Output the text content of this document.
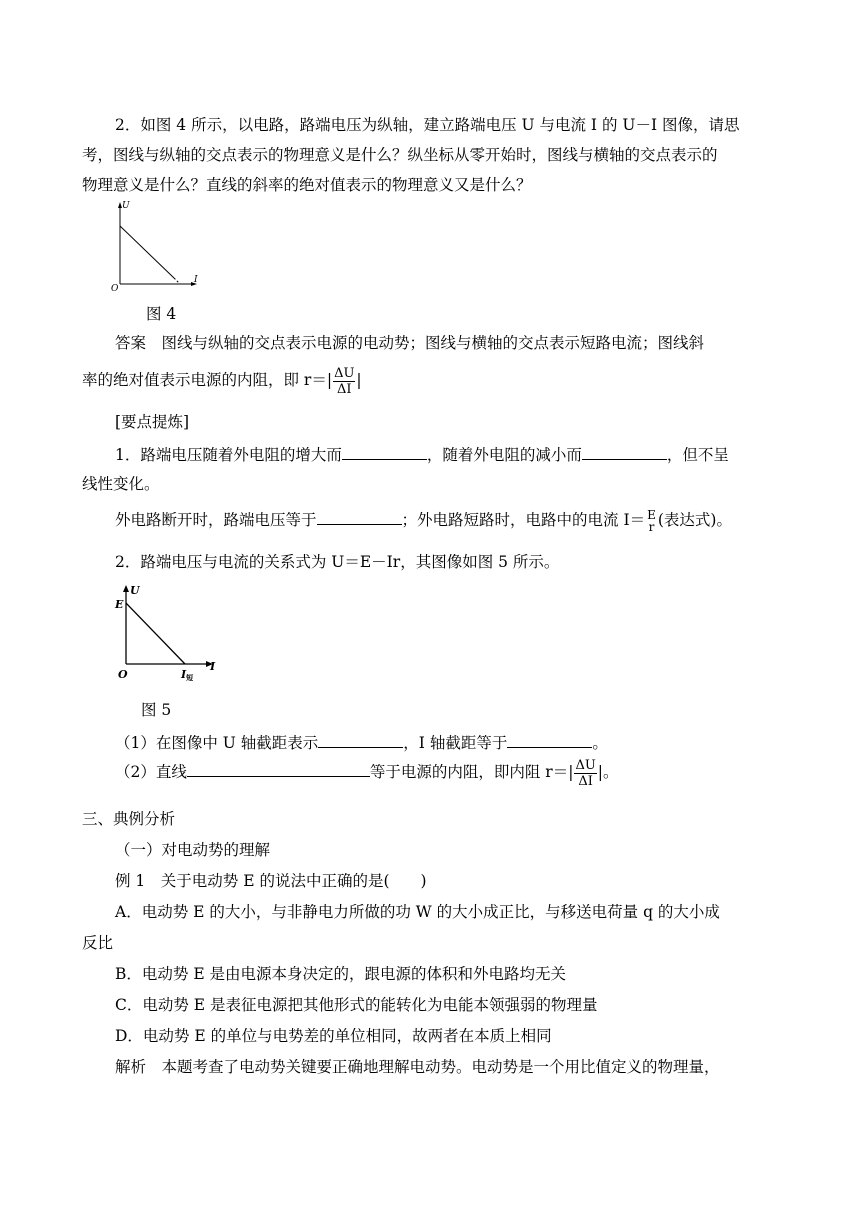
2．如图 4 所示，以电路，路端电压为纵轴，建立路端电压 U 与电流 I 的 U－I 图像，请思
考，图线与纵轴的交点表示的物理意义是什么？纵坐标从零开始时，图线与横轴的交点表示的
物理意义是什么？直线的斜率的绝对值表示的物理意义又是什么？
U
I
O
图 4
答案　图线与纵轴的交点表示电源的电动势；图线与横轴的交点表示短路电流；图线斜
率的绝对值表示电源的内阻，即 $r=| \frac{\Delta U}{\Delta I}$ |
[要点提炼]
1．路端电压随着外电阻的增大而	，随着外电阻的减小而	，但不呈
线性变化。
外电路断开时，路端电压等于	；外电路短路时，电路中的电流 I＝ E
r (表达式)。
2．路端电压与电流的关系式为 U＝E－Ir，其图像如图 5 所示。
U
I
E
O	I短
图 5
（1）在图像中 U 轴截距表示	，I 轴截距等于	。
（2）直线	等于电源的内阻，即内阻 $r=| \frac{\Delta U}{\Delta I}$ |。
三、典例分析
（一）对电动势的理解
例 1　关于电动势 E 的说法中正确的是(　　)
A．电动势 E 的大小，与非静电力所做的功 W 的大小成正比，与移送电荷量 q 的大小成
反比
B．电动势 E 是由电源本身决定的，跟电源的体积和外电路均无关
C．电动势 E 是表征电源把其他形式的能转化为电能本领强弱的物理量
D．电动势 E 的单位与电势差的单位相同，故两者在本质上相同
解析　本题考查了电动势关键要正确地理解电动势。电动势是一个用比值定义的物理量，
